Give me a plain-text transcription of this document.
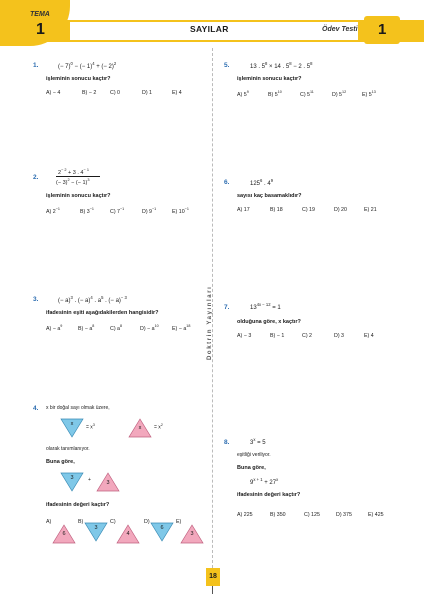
TEMA
1	SAYILAR	Ödev Testi 1
Doktrin Yayınları
18
1.	(− 7)$^0$ − (− 1)$^4$ + (− 2)$^2$
işleminin sonucu kaçtır?
A) − 4	B) − 2	C) 0	D) 1	E) 4
2.
$2^{- 2} + 3$ . $4^{- 1}$
(− 3)$^2$ − (− 1)$^3$
işleminin sonucu kaçtır?
A) $2^{-1}$	B) $3^{-1}$	C) $7^{-1}$	D) $9^{-1}$	E) $10^{-1}$
3.	(− a)$^3$ . (− a)$^4$ . $a^5$ . (− a)$^{- 3}$
ifadesinin eşiti aşağıdakilerden hangisidir?
$A) - a^9$	$B) - a^8$	C) $a^8$	$D) - a^{10}$	$E) - a^{18}$
4. x bir doğal sayı olmak üzere,
x
= $x^3$	x	= $x^2$
olarak tanımlanıyor.
Buna göre,
3	+	3
ifadesinin değeri kaçtır?
A)
6
B)
3
C)
4
D)
6
E)
3
5.	13 . $5^8 \times 14$ . $5^8 - 2$ . $5^8$
işleminin sonucu kaçtır?
A) $5^9$	B) $5^{10}$	C) $5^{11}$	D) $5^{12}$	E) $5^{13}$
6.	$125^6$ . $4^9$
sayısı kaç basamaklıdır?
A) 17	B) 18	C) 19	D) 20	E) 21
7.	$13^{4x - 12} = 1$
olduğuna göre, x kaçtır?
A) − 3	B) − 1	C) 2	D) 3	E) 4
8.	$3^x = 5$
eşitliği veriliyor.
Buna göre,
$9^{x + 1} + 27^x$
ifadesinin değeri kaçtır?
A) 225	B) 350	C) 125	D) 375	E) 425
